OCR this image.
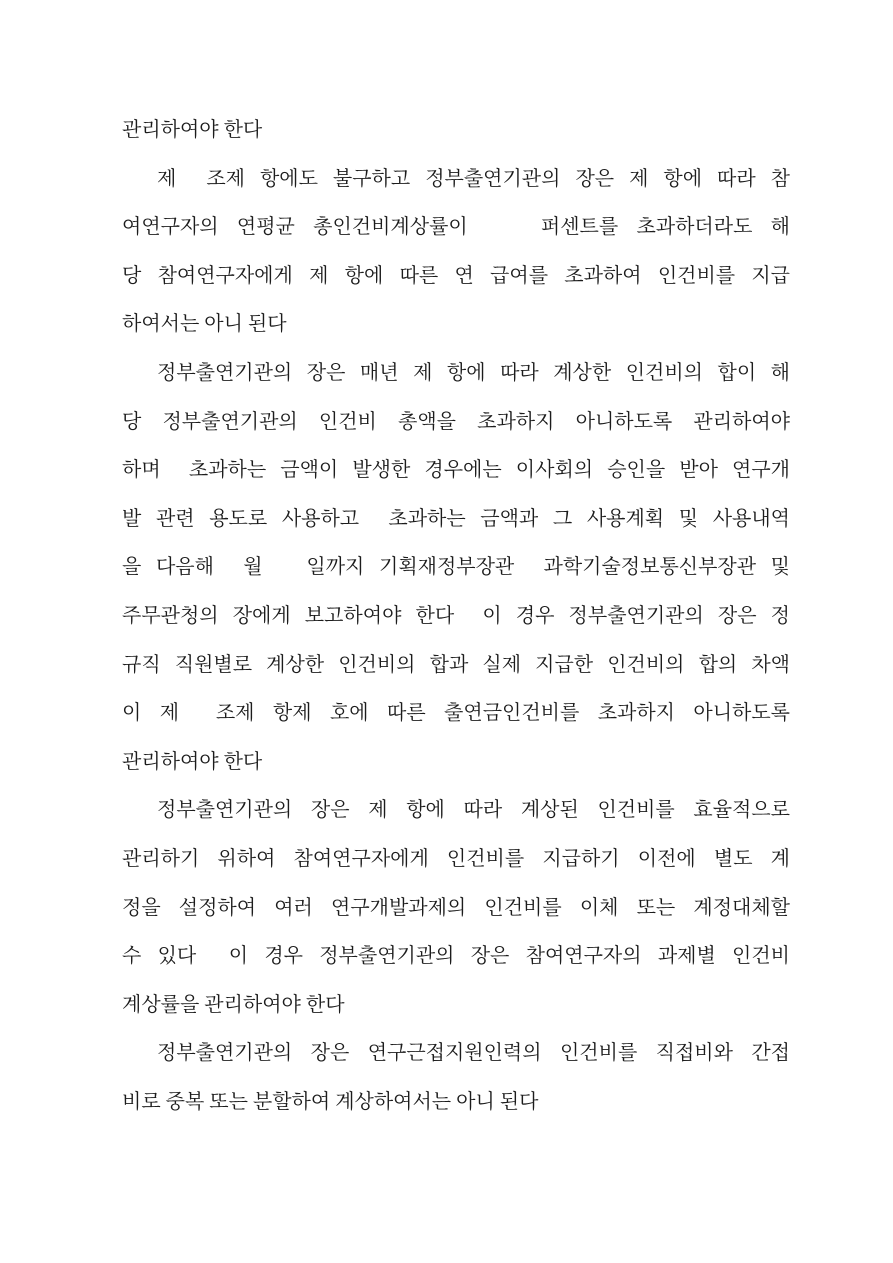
관리하여야 한다
제  조제 항에도 불구하고 정부출연기관의 장은 제 항에 따라 참
여연구자의 연평균 총인건비계상률이    퍼센트를 초과하더라도 해
당 참여연구자에게 제 항에 따른 연 급여를 초과하여 인건비를 지급
하여서는 아니 된다
정부출연기관의 장은 매년 제 항에 따라 계상한 인건비의 합이 해
당 정부출연기관의 인건비 총액을 초과하지 아니하도록 관리하여야
하며  초과하는 금액이 발생한 경우에는 이사회의 승인을 받아 연구개
발 관련 용도로 사용하고  초과하는 금액과 그 사용계획 및 사용내역
을 다음해  월   일까지 기획재정부장관  과학기술정보통신부장관 및
주무관청의 장에게 보고하여야 한다  이 경우 정부출연기관의 장은 정
규직 직원별로 계상한 인건비의 합과 실제 지급한 인건비의 합의 차액
이 제  조제 항제 호에 따른 출연금인건비를 초과하지 아니하도록
관리하여야 한다
정부출연기관의 장은 제 항에 따라 계상된 인건비를 효율적으로
관리하기 위하여 참여연구자에게 인건비를 지급하기 이전에 별도 계
정을 설정하여 여러 연구개발과제의 인건비를 이체 또는 계정대체할
수 있다  이 경우 정부출연기관의 장은 참여연구자의 과제별 인건비
계상률을 관리하여야 한다
정부출연기관의 장은 연구근접지원인력의 인건비를 직접비와 간접
비로 중복 또는 분할하여 계상하여서는 아니 된다
